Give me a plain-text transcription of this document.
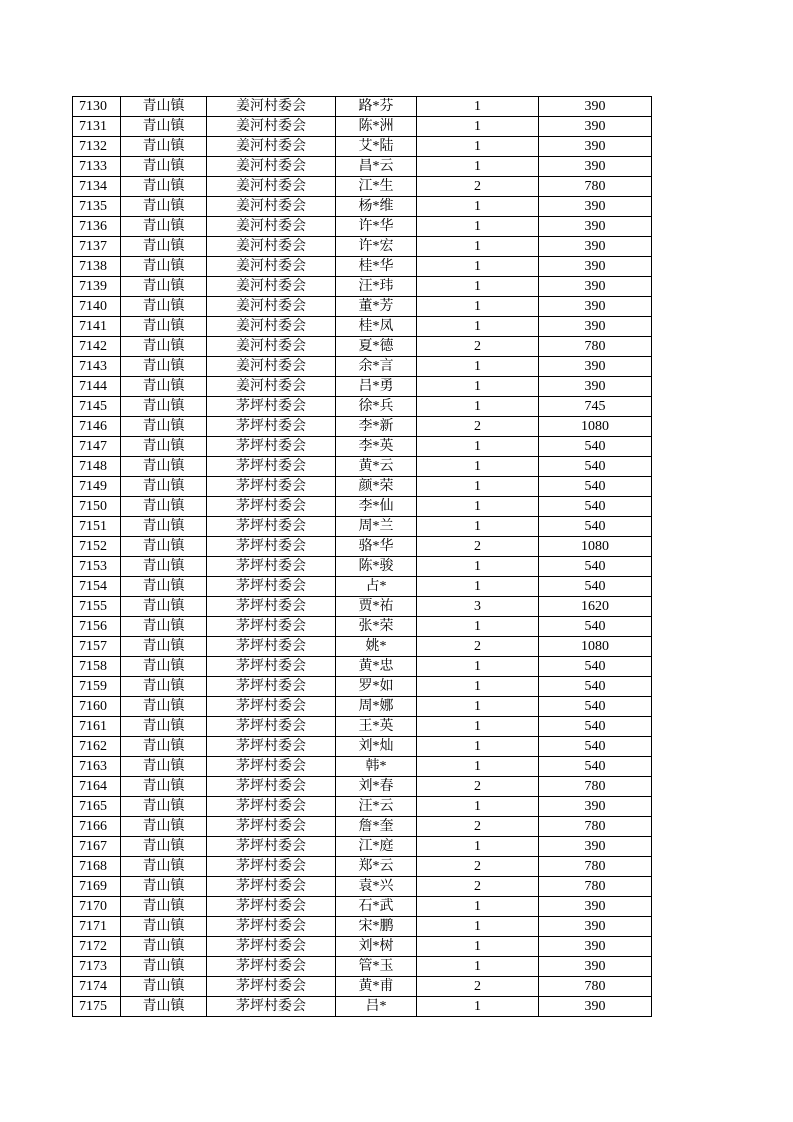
7130	青山镇	姜河村委会	路*芬	1	390
7131	青山镇	姜河村委会	陈*洲	1	390
7132	青山镇	姜河村委会	艾*陆	1	390
7133	青山镇	姜河村委会	昌*云	1	390
7134	青山镇	姜河村委会	江*生	2	780
7135	青山镇	姜河村委会	杨*维	1	390
7136	青山镇	姜河村委会	许*华	1	390
7137	青山镇	姜河村委会	许*宏	1	390
7138	青山镇	姜河村委会	桂*华	1	390
7139	青山镇	姜河村委会	汪*玮	1	390
7140	青山镇	姜河村委会	董*芳	1	390
7141	青山镇	姜河村委会	桂*凤	1	390
7142	青山镇	姜河村委会	夏*德	2	780
7143	青山镇	姜河村委会	余*言	1	390
7144	青山镇	姜河村委会	吕*勇	1	390
7145	青山镇	茅坪村委会	徐*兵	1	745
7146	青山镇	茅坪村委会	李*新	2	1080
7147	青山镇	茅坪村委会	李*英	1	540
7148	青山镇	茅坪村委会	黄*云	1	540
7149	青山镇	茅坪村委会	颜*荣	1	540
7150	青山镇	茅坪村委会	李*仙	1	540
7151	青山镇	茅坪村委会	周*兰	1	540
7152	青山镇	茅坪村委会	骆*华	2	1080
7153	青山镇	茅坪村委会	陈*骏	1	540
7154	青山镇	茅坪村委会	占*	1	540
7155	青山镇	茅坪村委会	贾*祐	3	1620
7156	青山镇	茅坪村委会	张*荣	1	540
7157	青山镇	茅坪村委会	姚*	2	1080
7158	青山镇	茅坪村委会	黄*忠	1	540
7159	青山镇	茅坪村委会	罗*如	1	540
7160	青山镇	茅坪村委会	周*娜	1	540
7161	青山镇	茅坪村委会	王*英	1	540
7162	青山镇	茅坪村委会	刘*灿	1	540
7163	青山镇	茅坪村委会	韩*	1	540
7164	青山镇	茅坪村委会	刘*春	2	780
7165	青山镇	茅坪村委会	汪*云	1	390
7166	青山镇	茅坪村委会	詹*奎	2	780
7167	青山镇	茅坪村委会	江*庭	1	390
7168	青山镇	茅坪村委会	郑*云	2	780
7169	青山镇	茅坪村委会	袁*兴	2	780
7170	青山镇	茅坪村委会	石*武	1	390
7171	青山镇	茅坪村委会	宋*鹏	1	390
7172	青山镇	茅坪村委会	刘*树	1	390
7173	青山镇	茅坪村委会	管*玉	1	390
7174	青山镇	茅坪村委会	黄*甫	2	780
7175	青山镇	茅坪村委会	吕*	1	390
